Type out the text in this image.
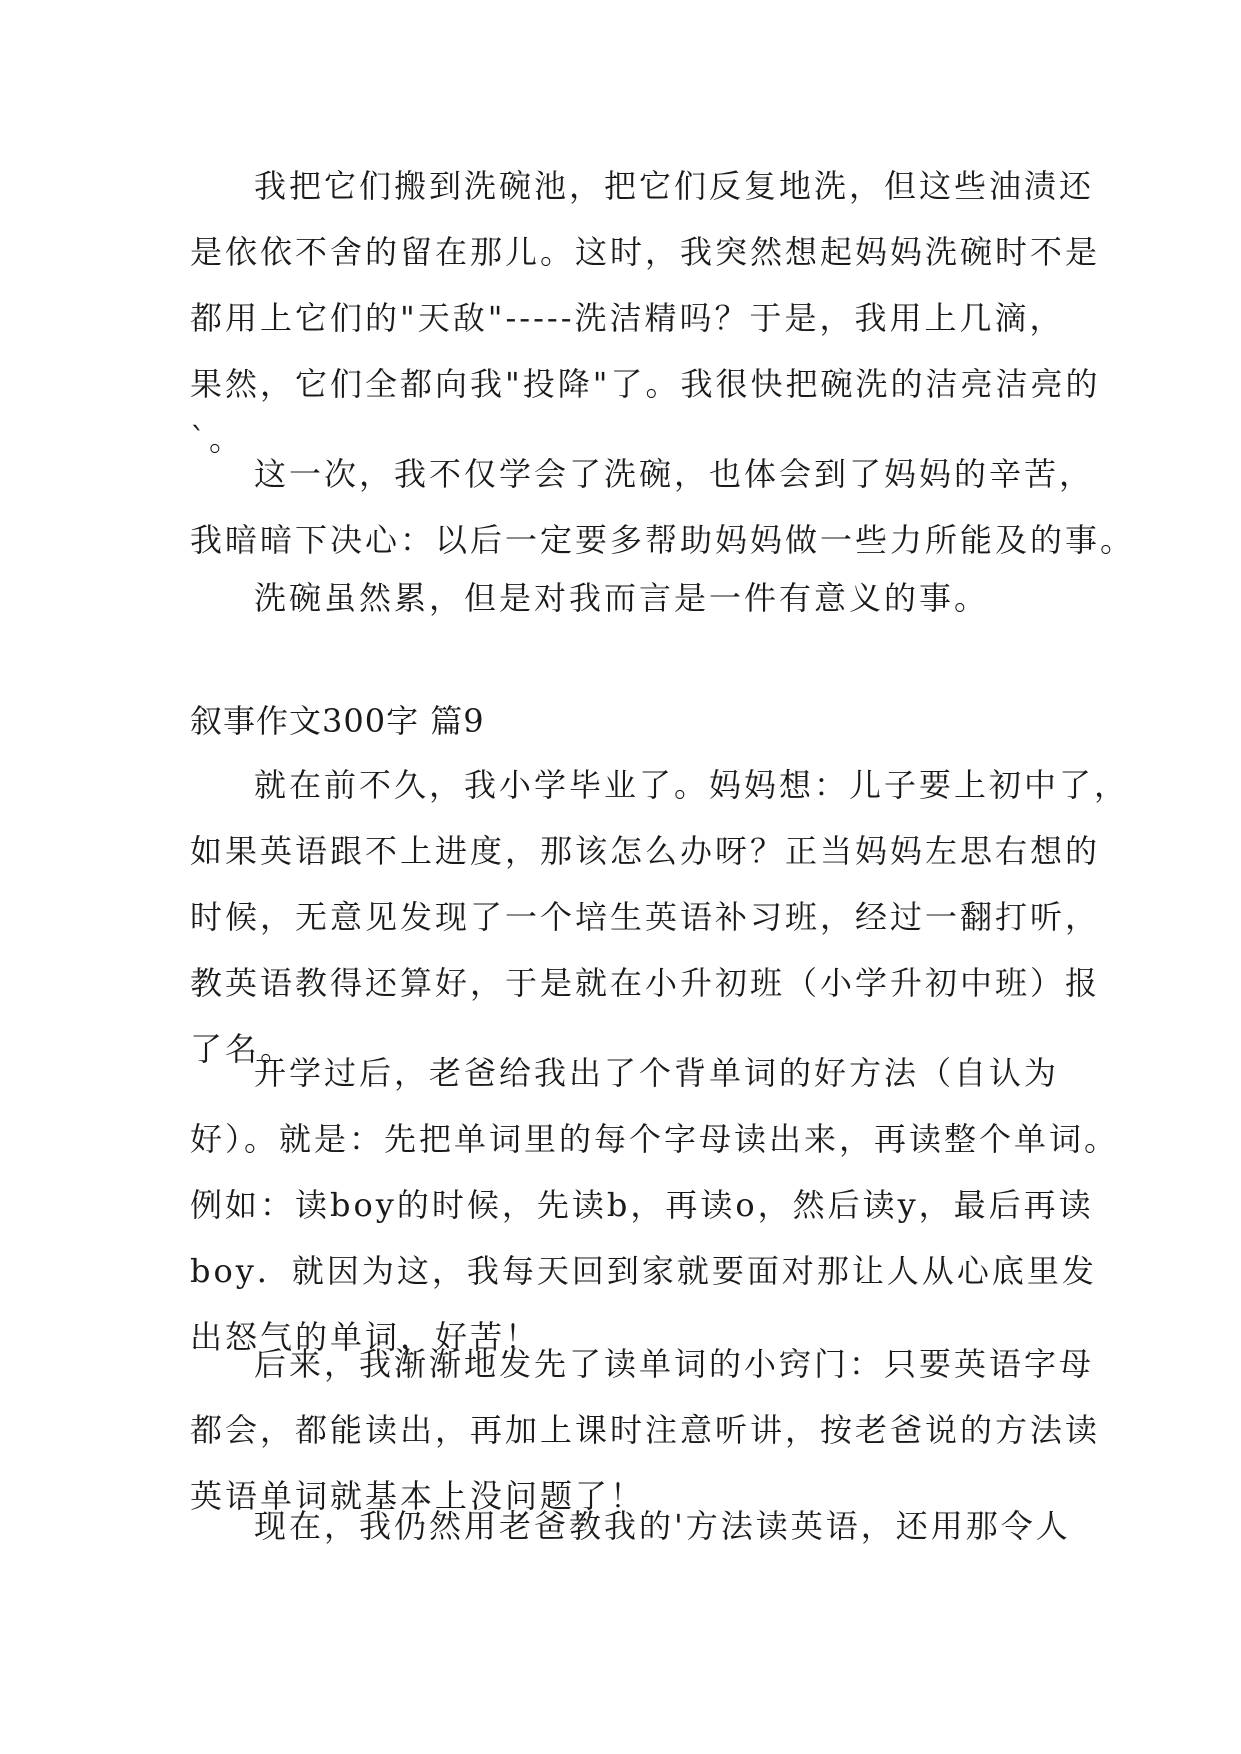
我把它们搬到洗碗池，把它们反复地洗，但这些油渍还
是依依不舍的留在那儿。这时，我突然想起妈妈洗碗时不是
都用上它们的"天敌"-----洗洁精吗？于是，我用上几滴，
果然，它们全都向我"投降"了。我很快把碗洗的洁亮洁亮的
`。
这一次，我不仅学会了洗碗，也体会到了妈妈的辛苦，
我暗暗下决心：以后一定要多帮助妈妈做一些力所能及的事。
洗碗虽然累，但是对我而言是一件有意义的事。
叙事作文300字 篇9
就在前不久，我小学毕业了。妈妈想：儿子要上初中了，
如果英语跟不上进度，那该怎么办呀？正当妈妈左思右想的
时候，无意见发现了一个培生英语补习班，经过一翻打听，
教英语教得还算好，于是就在小升初班（小学升初中班）报
了名。
开学过后，老爸给我出了个背单词的好方法（自认为
好）。就是：先把单词里的每个字母读出来，再读整个单词。
例如：读boy的时候，先读b，再读o，然后读y，最后再读
boy．就因为这，我每天回到家就要面对那让人从心底里发
出怒气的单词，好苦！
后来，我渐渐地发先了读单词的小窍门：只要英语字母
都会，都能读出，再加上课时注意听讲，按老爸说的方法读
英语单词就基本上没问题了！
现在，我仍然用老爸教我的'方法读英语，还用那令人
